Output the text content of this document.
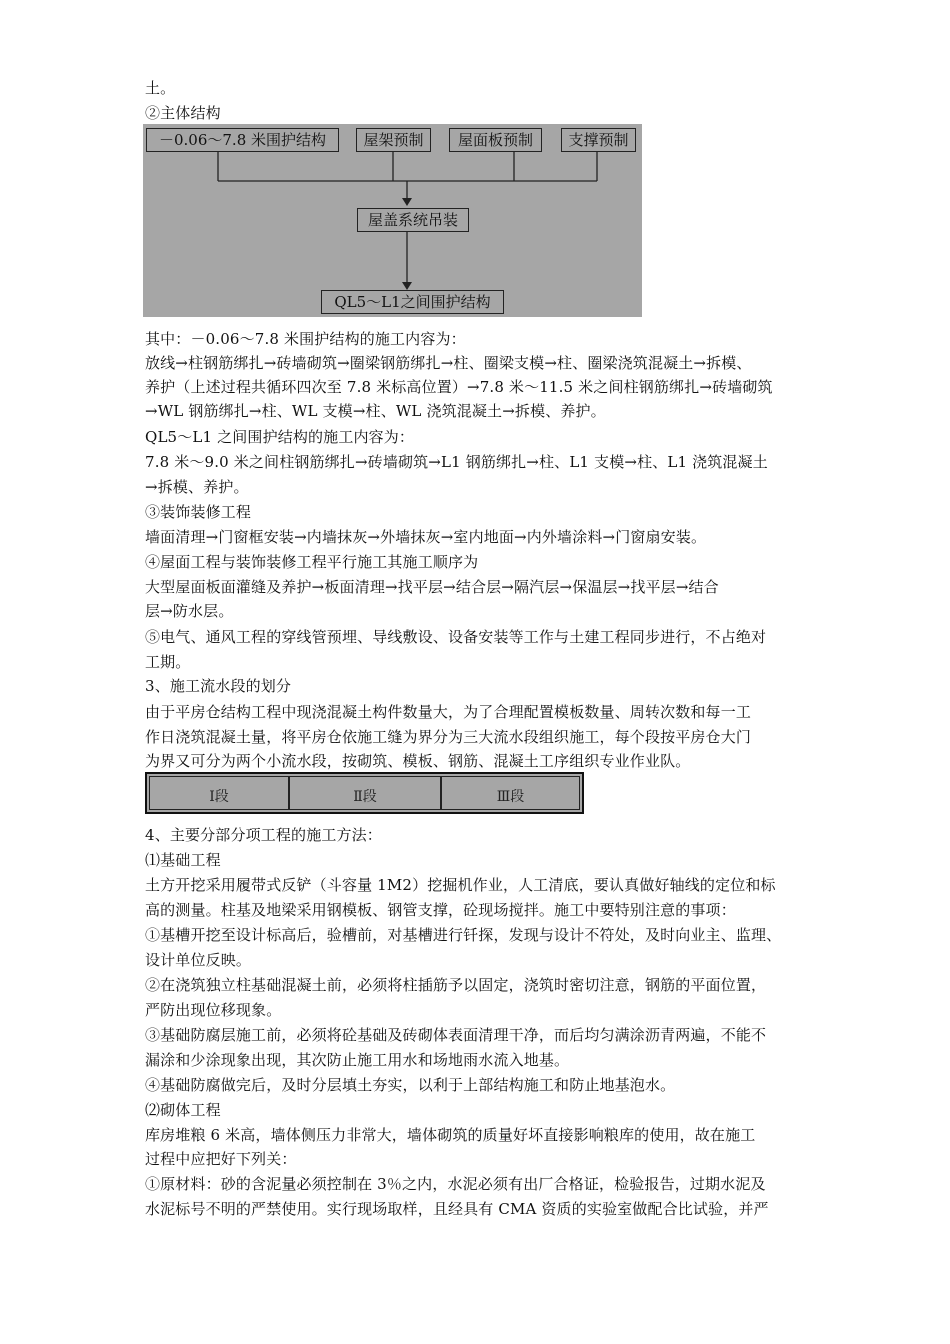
土。
②主体结构
－0.06～7.8 米围护结构	屋架预制	屋面板预制	支撑预制
屋盖系统吊装
QL5～L1之间围护结构
其中：－0.06～7.8 米围护结构的施工内容为：
放线→柱钢筋绑扎→砖墙砌筑→圈梁钢筋绑扎→柱、圈梁支模→柱、圈梁浇筑混凝土→拆模、
养护（上述过程共循环四次至 7.8 米标高位置）→7.8 米～11.5 米之间柱钢筋绑扎→砖墙砌筑
→WL 钢筋绑扎→柱、WL 支模→柱、WL 浇筑混凝土→拆模、养护。
QL5～L1 之间围护结构的施工内容为：
7.8 米～9.0 米之间柱钢筋绑扎→砖墙砌筑→L1 钢筋绑扎→柱、L1 支模→柱、L1 浇筑混凝土
→拆模、养护。
③装饰装修工程
墙面清理→门窗框安装→内墙抹灰→外墙抹灰→室内地面→内外墙涂料→门窗扇安装。
④屋面工程与装饰装修工程平行施工其施工顺序为
大型屋面板面灌缝及养护→板面清理→找平层→结合层→隔汽层→保温层→找平层→结合
层→防水层。
⑤电气、通风工程的穿线管预埋、导线敷设、设备安装等工作与土建工程同步进行，不占绝对
工期。
3、施工流水段的划分
由于平房仓结构工程中现浇混凝土构件数量大，为了合理配置模板数量、周转次数和每一工
作日浇筑混凝土量，将平房仓依施工缝为界分为三大流水段组织施工，每个段按平房仓大门
为界又可分为两个小流水段，按砌筑、模板、钢筋、混凝土工序组织专业作业队。
Ⅰ段	Ⅱ段	Ⅲ段
4、主要分部分项工程的施工方法：
⑴基础工程
土方开挖采用履带式反铲（斗容量 1M2）挖掘机作业，人工清底，要认真做好轴线的定位和标
高的测量。柱基及地梁采用钢模板、钢管支撑，砼现场搅拌。施工中要特别注意的事项：
①基槽开挖至设计标高后，验槽前，对基槽进行钎探，发现与设计不符处，及时向业主、监理、
设计单位反映。
②在浇筑独立柱基础混凝土前，必须将柱插筋予以固定，浇筑时密切注意，钢筋的平面位置，
严防出现位移现象。
③基础防腐层施工前，必须将砼基础及砖砌体表面清理干净，而后均匀满涂沥青两遍，不能不
漏涂和少涂现象出现，其次防止施工用水和场地雨水流入地基。
④基础防腐做完后，及时分层填土夯实，以利于上部结构施工和防止地基泡水。
⑵砌体工程
库房堆粮 6 米高，墙体侧压力非常大，墙体砌筑的质量好坏直接影响粮库的使用，故在施工
过程中应把好下列关：
①原材料：砂的含泥量必须控制在 3％之内，水泥必须有出厂合格证，检验报告，过期水泥及
水泥标号不明的严禁使用。实行现场取样，且经具有 CMA 资质的实验室做配合比试验，并严
